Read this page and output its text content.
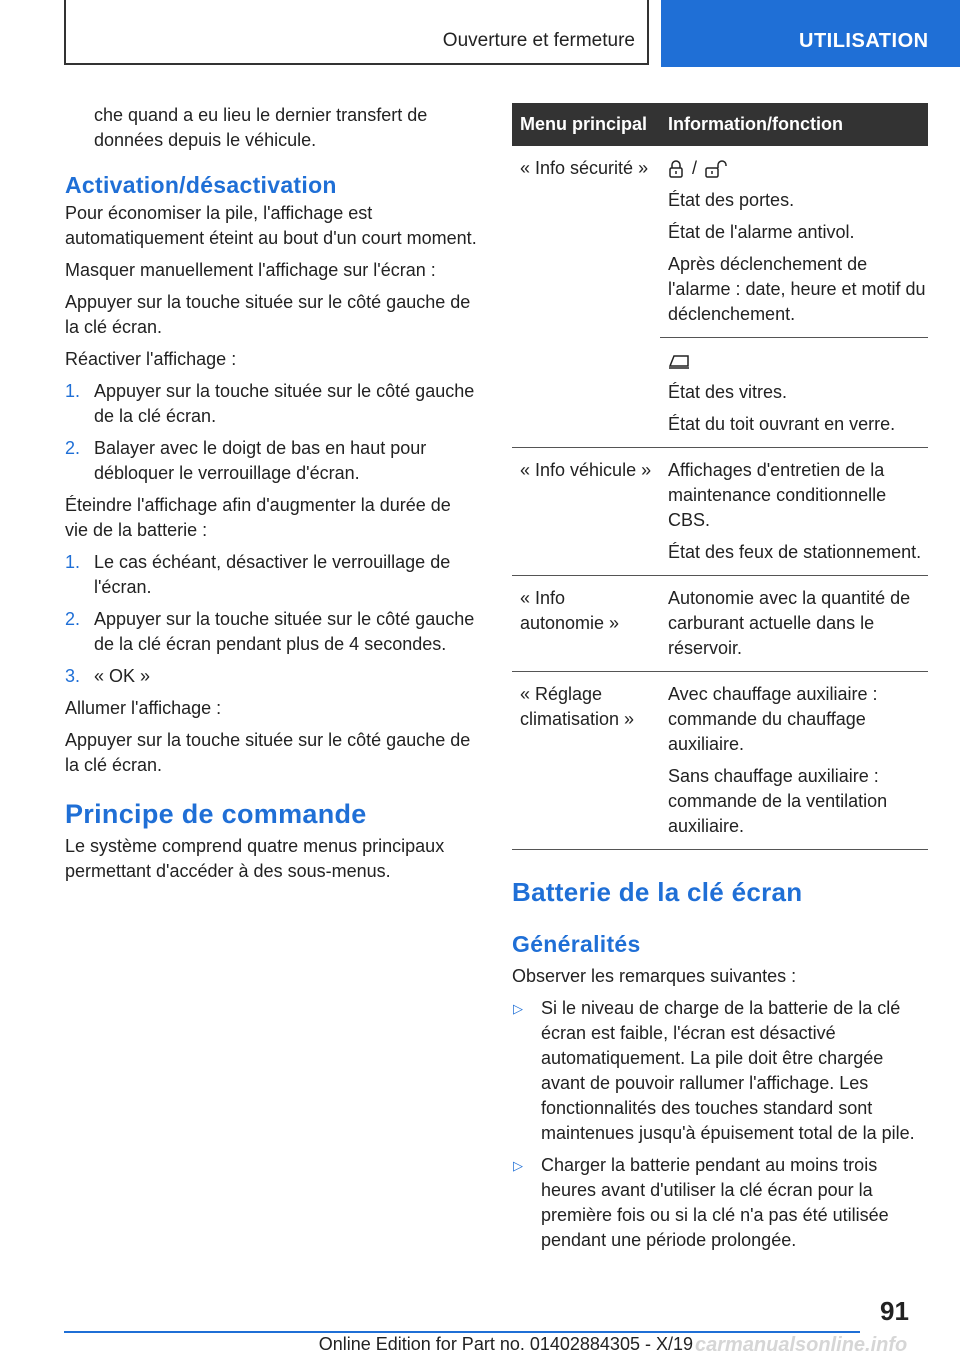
Ouverture et fermeture	UTILISATION

che quand a eu lieu le dernier transfert de données depuis le véhicule.

Activation/désactivation

Pour économiser la pile, l'affichage est automatiquement éteint au bout d'un court moment.

Masquer manuellement l'affichage sur l'écran :

Appuyer sur la touche située sur le côté gauche de la clé écran.

Réactiver l'affichage :

1. Appuyer sur la touche située sur le côté gauche de la clé écran.
2. Balayer avec le doigt de bas en haut pour débloquer le verrouillage d'écran.

Éteindre l'affichage afin d'augmenter la durée de vie de la batterie :

1. Le cas échéant, désactiver le verrouillage de l'écran.
2. Appuyer sur la touche située sur le côté gauche de la clé écran pendant plus de 4 secondes.
3. « OK »

Allumer l'affichage :

Appuyer sur la touche située sur le côté gauche de la clé écran.

Principe de commande

Le système comprend quatre menus principaux permettant d'accéder à des sous-menus.

Menu principal	Information/fonction
« Info sécurité »	/

État des portes.

État de l'alarme antivol.

Après déclenchement de l'alarme : date, heure et motif du déclenchement.

	État des vitres.

État du toit ouvrant en verre.

« Info véhicule »	Affichages d'entretien de la maintenance conditionnelle CBS.

État des feux de stationnement.

« Info autonomie »	Autonomie avec la quantité de carburant actuelle dans le réservoir.

« Réglage climatisation »	Avec chauffage auxiliaire : commande du chauffage auxiliaire.

Sans chauffage auxiliaire : commande de la ventilation auxiliaire.

Batterie de la clé écran
Généralités

Observer les remarques suivantes :

▷ Si le niveau de charge de la batterie de la clé écran est faible, l'écran est désactivé automatiquement. La pile doit être chargée avant de pouvoir rallumer l'affichage. Les fonctionnalités des touches standard sont maintenues jusqu'à épuisement total de la pile.
▷ Charger la batterie pendant au moins trois heures avant d'utiliser la clé écran pour la première fois ou si la clé n'a pas été utilisée pendant une période prolongée.
91
Online Edition for Part no. 01402884305 - X/19 carmanualsonline.info
